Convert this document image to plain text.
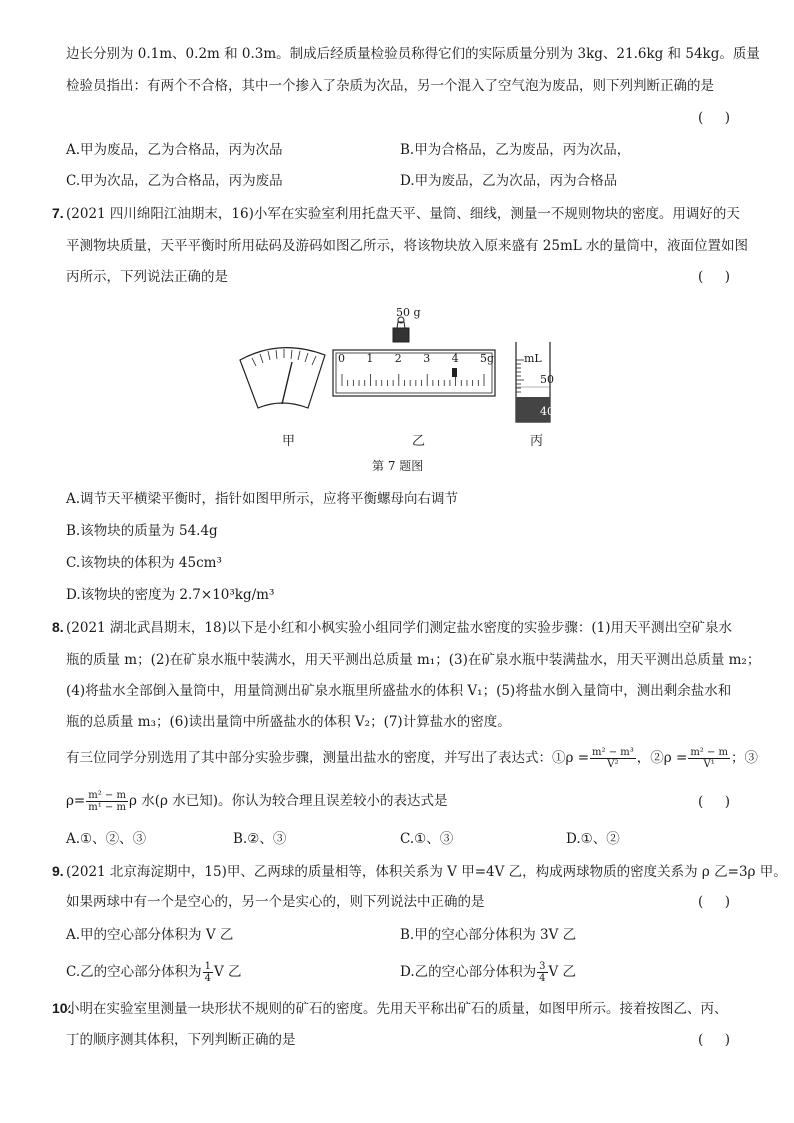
边长分别为 0.1m、0.2m 和 0.3m。制成后经质量检验员称得它们的实际质量分别为 3kg、21.6kg 和 54kg。质量
检验员指出：有两个不合格，其中一个掺入了杂质为次品，另一个混入了空气泡为废品，则下列判断正确的是
(     )
A.甲为废品，乙为合格品，丙为次品	B.甲为合格品，乙为废品，丙为次品，
C.甲为次品，乙为合格品，丙为废品	D.甲为废品，乙为次品，丙为合格品
7. (2021 四川绵阳江油期末，16)小军在实验室利用托盘天平、量筒、细线，测量一不规则物块的密度。用调好的天
平测物块质量，天平平衡时所用砝码及游码如图乙所示，将该物块放入原来盛有 25mL 水的量筒中，液面位置如图
丙所示，下列说法正确的是	(     )
50 g
0 1 2 3 4 5g	mL
50
40
甲	乙	丙
第 7 题图
A.调节天平横梁平衡时，指针如图甲所示，应将平衡螺母向右调节
B.该物块的质量为 54.4g
C.该物块的体积为 45cm³
D.该物块的密度为 2.7×10³kg/m³
8. (2021 湖北武昌期末，18)以下是小红和小枫实验小组同学们测定盐水密度的实验步骤：(1)用天平测出空矿泉水
瓶的质量 m；(2)在矿泉水瓶中装满水，用天平测出总质量 m₁；(3)在矿泉水瓶中装满盐水，用天平测出总质量 m₂；
(4)将盐水全部倒入量筒中，用量筒测出矿泉水瓶里所盛盐水的体积 V₁；(5)将盐水倒入量筒中，测出剩余盐水和
瓶的总质量 m₃；(6)读出量筒中所盛盐水的体积 V₂；(7)计算盐水的密度。
有三位同学分别选用了其中部分实验步骤，测量出盐水的密度，并写出了表达式：①ρ = $\frac{\text{m² − m³}}{\text{V²}}$ ，②ρ = $\frac{\text{m² − m}}{\text{V¹}}$ ；③
$\rho= \frac{\text{m² − m}}{\text{m¹ − m}}$ ρ 水(ρ 水已知)。你认为较合理且误差较小的表达式是	(     )
A.①、②、③	B.②、③	C.①、③	D.①、②
9. (2021 北京海淀期中，15)甲、乙两球的质量相等，体积关系为 V 甲=4V 乙，构成两球物质的密度关系为 ρ 乙=3ρ 甲。
如果两球中有一个是空心的，另一个是实心的，则下列说法中正确的是	(     )
A.甲的空心部分体积为 V 乙	B.甲的空心部分体积为 3V 乙
C.乙的空心部分体积为 $\frac{1}{4}$ V 乙	D.乙的空心部分体积为 $\frac{3}{4}$ V 乙
10.
小明在实验室里测量一块形状不规则的矿石的密度。先用天平称出矿石的质量，如图甲所示。接着按图乙、丙、
丁的顺序测其体积，下列判断正确的是	(     )
